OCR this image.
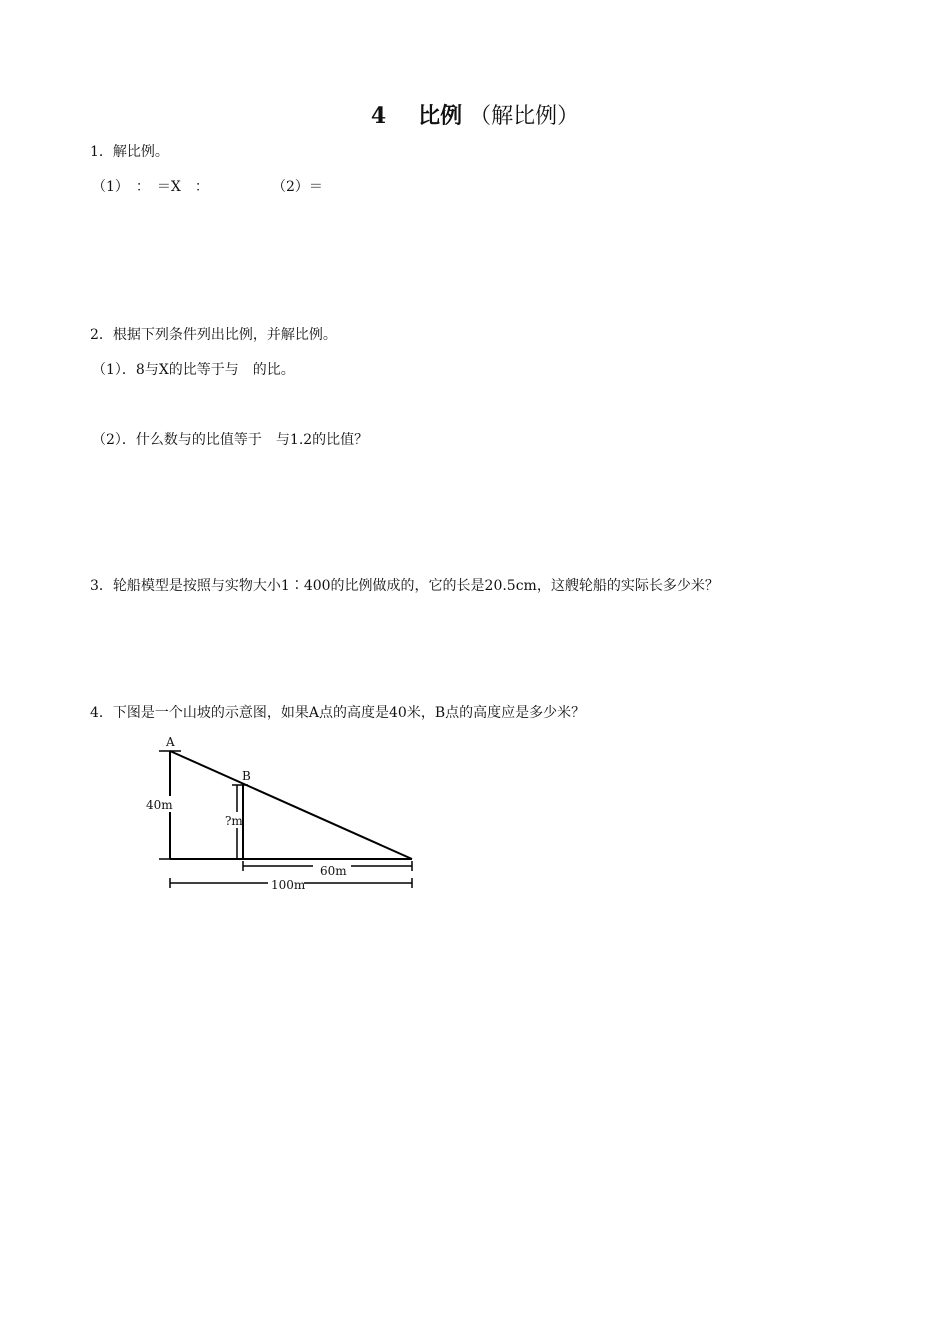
4 比例 （解比例）
1．解比例。
（1）　：　＝X　：	（2）＝
2．根据下列条件列出比例，并解比例。
（1）．8与X的比等于与　的比。
（2）．什么数与的比值等于　与1.2的比值？
3．轮船模型是按照与实物大小1∶400的比例做成的，它的长是20.5cm，这艘轮船的实际长多少米？
4．下图是一个山坡的示意图，如果A点的高度是40米，B点的高度应是多少米？
A
B
40m
?m
60m
100m
